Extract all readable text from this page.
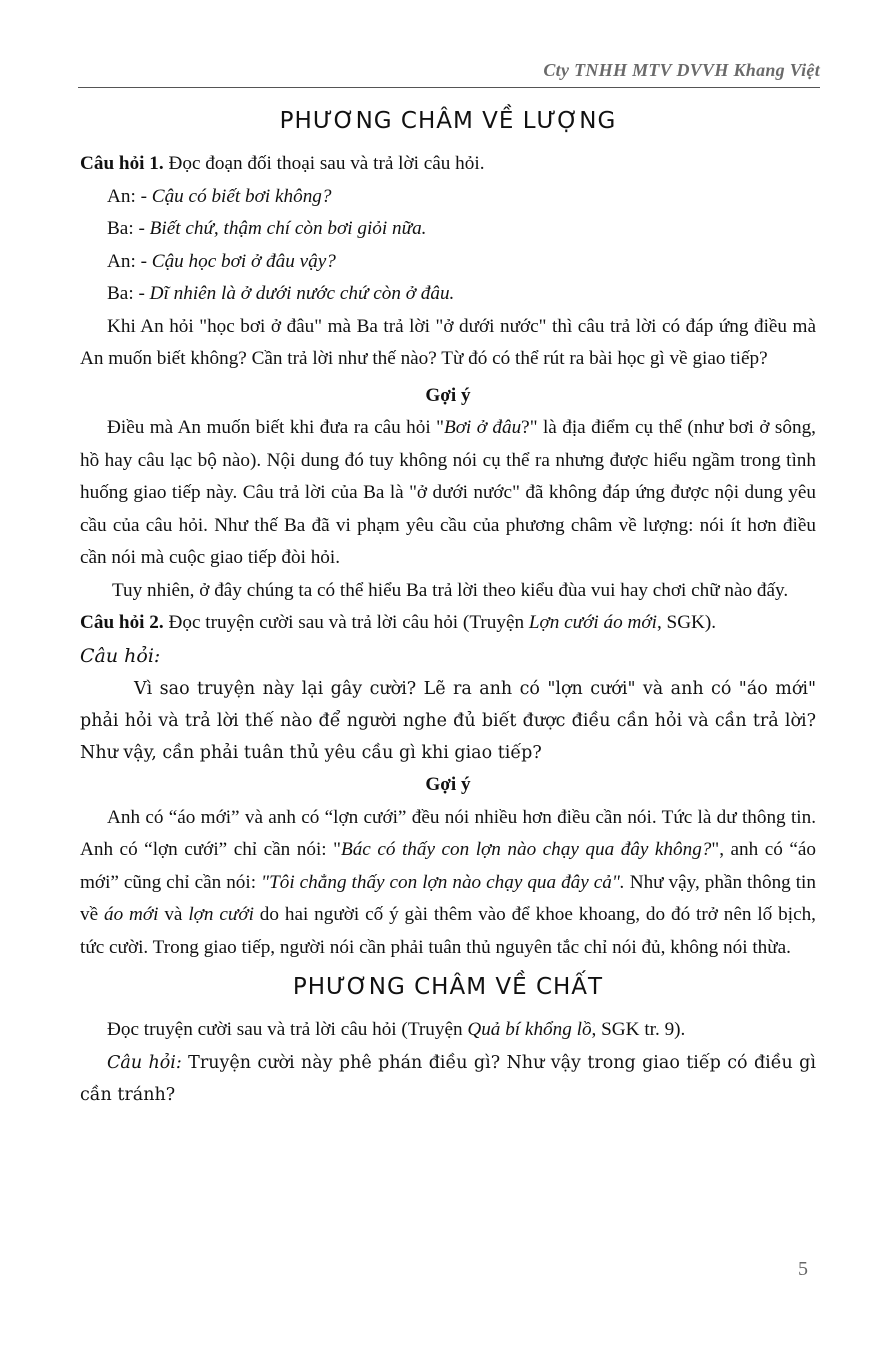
Cty TNHH MTV DVVH Khang Việt
PHƯƠNG CHÂM VỀ LƯỢNG

Câu hỏi 1. Đọc đoạn đối thoại sau và trả lời câu hỏi.

An: - Cậu có biết bơi không?

Ba: - Biết chứ, thậm chí còn bơi giỏi nữa.

An: - Cậu học bơi ở đâu vậy?

Ba: - Dĩ nhiên là ở dưới nước chứ còn ở đâu.

Khi An hỏi "học bơi ở đâu" mà Ba trả lời "ở dưới nước" thì câu trả lời có đáp ứng điều mà An muốn biết không? Cần trả lời như thế nào? Từ đó có thể rút ra bài học gì về giao tiếp?

Gợi ý

Điều mà An muốn biết khi đưa ra câu hỏi "Bơi ở đâu?" là địa điểm cụ thể (như bơi ở sông, hồ hay câu lạc bộ nào). Nội dung đó tuy không nói cụ thể ra nhưng được hiểu ngầm trong tình huống giao tiếp này. Câu trả lời của Ba là "ở dưới nước" đã không đáp ứng được nội dung yêu cầu của câu hỏi. Như thế Ba đã vi phạm yêu cầu của phương châm về lượng: nói ít hơn điều cần nói mà cuộc giao tiếp đòi hỏi.

Tuy nhiên, ở đây chúng ta có thể hiểu Ba trả lời theo kiểu đùa vui hay chơi chữ nào đấy.

Câu hỏi 2. Đọc truyện cười sau và trả lời câu hỏi (Truyện Lợn cưới áo mới, SGK).

Câu hỏi:

Vì sao truyện này lại gây cười? Lẽ ra anh có "lợn cưới" và anh có "áo mới" phải hỏi và trả lời thế nào để người nghe đủ biết được điều cần hỏi và cần trả lời? Như vậy, cần phải tuân thủ yêu cầu gì khi giao tiếp?

Gợi ý

Anh có “áo mới” và anh có “lợn cưới” đều nói nhiều hơn điều cần nói. Tức là dư thông tin. Anh có “lợn cưới” chỉ cần nói: "Bác có thấy con lợn nào chạy qua đây không?", anh có “áo mới” cũng chỉ cần nói: "Tôi chẳng thấy con lợn nào chạy qua đây cả". Như vậy, phần thông tin về áo mới và lợn cưới do hai người cố ý gài thêm vào để khoe khoang, do đó trở nên lố bịch, tức cười. Trong giao tiếp, người nói cần phải tuân thủ nguyên tắc chỉ nói đủ, không nói thừa.

PHƯƠNG CHÂM VỀ CHẤT

Đọc truyện cười sau và trả lời câu hỏi (Truyện Quả bí khổng lồ, SGK tr. 9).

Câu hỏi: Truyện cười này phê phán điều gì? Như vậy trong giao tiếp có điều gì cần tránh?

5
